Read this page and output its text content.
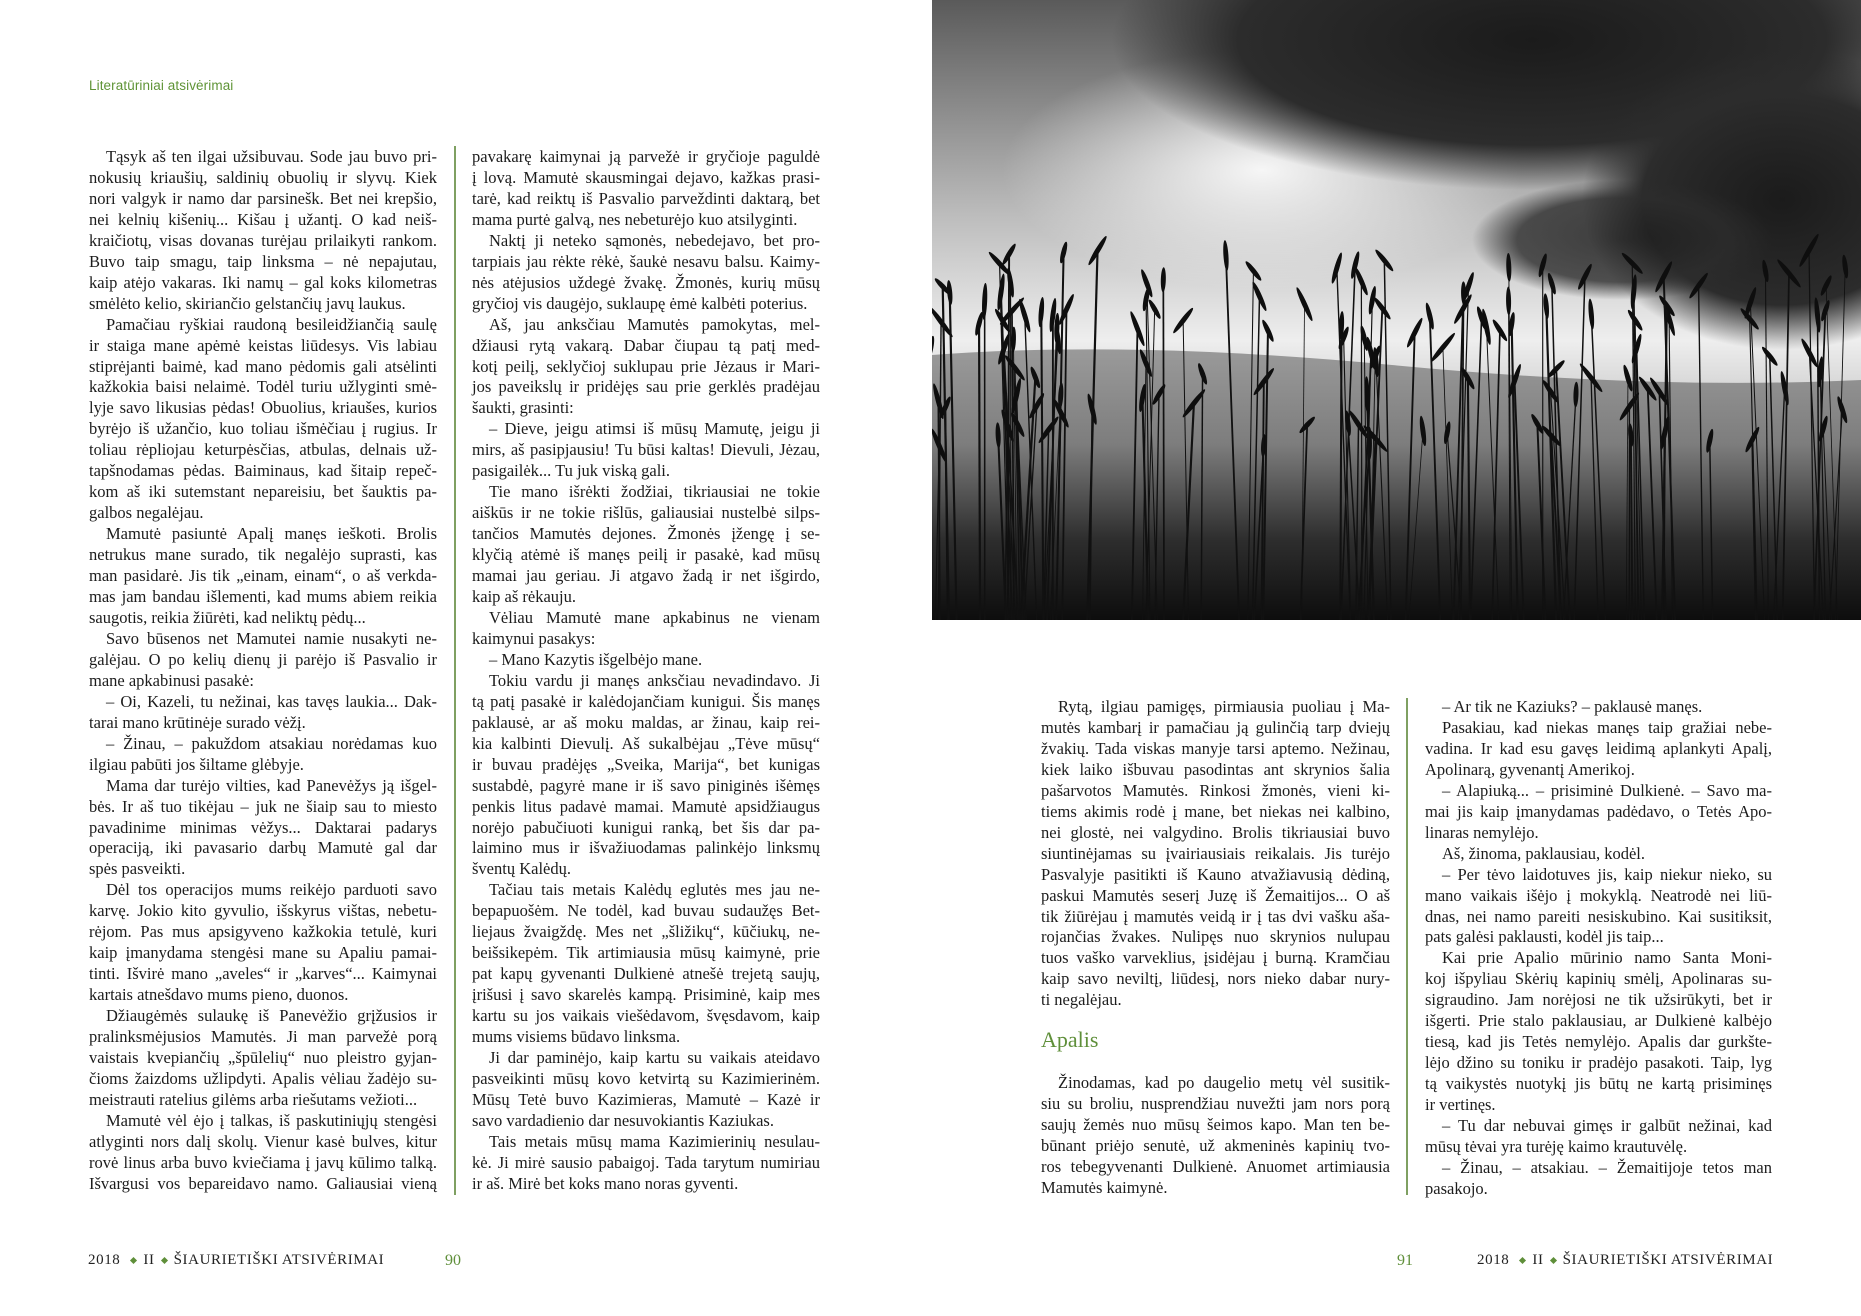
Literatūriniai atsivėrimai
Tąsyk aš ten ilgai užsibuvau. Sode jau buvo pri-
nokusių kriaušių, saldinių obuolių ir slyvų. Kiek
nori valgyk ir namo dar parsinešk. Bet nei krepšio,
nei kelnių kišenių... Kišau į užantį. O kad neiš-
kraičiotų, visas dovanas turėjau prilaikyti rankom.
Buvo taip smagu, taip linksma – nė nepajutau,
kaip atėjo vakaras. Iki namų – gal koks kilometras
smėlėto kelio, skiriančio gelstančių javų laukus.
Pamačiau ryškiai raudoną besileidžiančią saulę
ir staiga mane apėmė keistas liūdesys. Vis labiau
stiprėjanti baimė, kad mano pėdomis gali atsėlinti
kažkokia baisi nelaimė. Todėl turiu užlyginti smė-
lyje savo likusias pėdas! Obuolius, kriaušes, kurios
byrėjo iš užančio, kuo toliau išmėčiau į rugius. Ir
toliau rėpliojau keturpėsčias, atbulas, delnais už-
tapšnodamas pėdas. Baiminaus, kad šitaip repeč-
kom aš iki sutemstant nepareisiu, bet šauktis pa-
galbos negalėjau.
Mamutė pasiuntė Apalį manęs ieškoti. Brolis
netrukus mane surado, tik negalėjo suprasti, kas
man pasidarė. Jis tik „einam, einam“, o aš verkda-
mas jam bandau išlementi, kad mums abiem reikia
saugotis, reikia žiūrėti, kad neliktų pėdų...
Savo būsenos net Mamutei namie nusakyti ne-
galėjau. O po kelių dienų ji parėjo iš Pasvalio ir
mane apkabinusi pasakė:
– Oi, Kazeli, tu nežinai, kas tavęs laukia... Dak-
tarai mano krūtinėje surado vėžį.
– Žinau, – pakuždom atsakiau norėdamas kuo
ilgiau pabūti jos šiltame glėbyje.
Mama dar turėjo vilties, kad Panevėžys ją išgel-
bės. Ir aš tuo tikėjau – juk ne šiaip sau to miesto
pavadinime minimas vėžys... Daktarai padarys
operaciją, iki pavasario darbų Mamutė gal dar
spės pasveikti.
Dėl tos operacijos mums reikėjo parduoti savo
karvę. Jokio kito gyvulio, išskyrus vištas, nebetu-
rėjom. Pas mus apsigyveno kažkokia tetulė, kuri
kaip įmanydama stengėsi mane su Apaliu pamai-
tinti. Išvirė mano „aveles“ ir „karves“... Kaimynai
kartais atnešdavo mums pieno, duonos.
Džiaugėmės sulaukę iš Panevėžio grįžusios ir
pralinksmėjusios Mamutės. Ji man parvežė porą
vaistais kvepiančių „špūlelių“ nuo pleistro gyjan-
čioms žaizdoms užlipdyti. Apalis vėliau žadėjo su-
meistrauti ratelius gilėms arba riešutams vežioti...
Mamutė vėl ėjo į talkas, iš paskutiniųjų stengėsi
atlyginti nors dalį skolų. Vienur kasė bulves, kitur
rovė linus arba buvo kviečiama į javų kūlimo talką.
Išvargusi vos bepareidavo namo. Galiausiai vieną
pavakarę kaimynai ją parvežė ir gryčioje paguldė
į lovą. Mamutė skausmingai dejavo, kažkas prasi-
tarė, kad reiktų iš Pasvalio parveždinti daktarą, bet
mama purtė galvą, nes nebeturėjo kuo atsilyginti.
Naktį ji neteko sąmonės, nebedejavo, bet pro-
tarpiais jau rėkte rėkė, šaukė nesavu balsu. Kaimy-
nės atėjusios uždegė žvakę. Žmonės, kurių mūsų
gryčioj vis daugėjo, suklaupę ėmė kalbėti poterius.
Aš, jau anksčiau Mamutės pamokytas, mel-
džiausi rytą vakarą. Dabar čiupau tą patį med-
kotį peilį, seklyčioj suklupau prie Jėzaus ir Mari-
jos paveikslų ir pridėjęs sau prie gerklės pradėjau
šaukti, grasinti:
– Dieve, jeigu atimsi iš mūsų Mamutę, jeigu ji
mirs, aš pasipjausiu! Tu būsi kaltas! Dievuli, Jėzau,
pasigailėk... Tu juk viską gali.
Tie mano išrėkti žodžiai, tikriausiai ne tokie
aiškūs ir ne tokie rišlūs, galiausiai nustelbė silps-
tančios Mamutės dejones. Žmonės įžengę į se-
klyčią atėmė iš manęs peilį ir pasakė, kad mūsų
mamai jau geriau. Ji atgavo žadą ir net išgirdo,
kaip aš rėkauju.
Vėliau Mamutė mane apkabinus ne vienam
kaimynui pasakys:
– Mano Kazytis išgelbėjo mane.
Tokiu vardu ji manęs anksčiau nevadindavo. Ji
tą patį pasakė ir kalėdojančiam kunigui. Šis manęs
paklausė, ar aš moku maldas, ar žinau, kaip rei-
kia kalbinti Dievulį. Aš sukalbėjau „Tėve mūsų“
ir buvau pradėjęs „Sveika, Marija“, bet kunigas
sustabdė, pagyrė mane ir iš savo piniginės išėmęs
penkis litus padavė mamai. Mamutė apsidžiaugus
norėjo pabučiuoti kunigui ranką, bet šis dar pa-
laimino mus ir išvažiuodamas palinkėjo linksmų
šventų Kalėdų.
Tačiau tais metais Kalėdų eglutės mes jau ne-
bepapuošėm. Ne todėl, kad buvau sudaužęs Bet-
liejaus žvaigždę. Mes net „šližikų“, kūčiukų, ne-
beišsikepėm. Tik artimiausia mūsų kaimynė, prie
pat kapų gyvenanti Dulkienė atnešė trejetą saujų,
įrišusi į savo skarelės kampą. Prisiminė, kaip mes
kartu su jos vaikais viešėdavom, švęsdavom, kaip
mums visiems būdavo linksma.
Ji dar paminėjo, kaip kartu su vaikais ateidavo
pasveikinti mūsų kovo ketvirtą su Kazimierinėm.
Mūsų Tetė buvo Kazimieras, Mamutė – Kazė ir
savo vardadienio dar nesuvokiantis Kaziukas.
Tais metais mūsų mama Kazimierinių nesulau-
kė. Ji mirė sausio pabaigoj. Tada tarytum numiriau
ir aš. Mirė bet koks mano noras gyventi.
Rytą, ilgiau pamigęs, pirmiausia puoliau į Ma-
mutės kambarį ir pamačiau ją gulinčią tarp dviejų
žvakių. Tada viskas manyje tarsi aptemo. Nežinau,
kiek laiko išbuvau pasodintas ant skrynios šalia
pašarvotos Mamutės. Rinkosi žmonės, vieni ki-
tiems akimis rodė į mane, bet niekas nei kalbino,
nei glostė, nei valgydino. Brolis tikriausiai buvo
siuntinėjamas su įvairiausiais reikalais. Jis turėjo
Pasvalyje pasitikti iš Kauno atvažiavusią dėdiną,
paskui Mamutės seserį Juzę iš Žemaitijos... O aš
tik žiūrėjau į mamutės veidą ir į tas dvi vašku aša-
rojančias žvakes. Nulipęs nuo skrynios nulupau
tuos vaško varveklius, įsidėjau į burną. Kramčiau
kaip savo neviltį, liūdesį, nors nieko dabar nury-
ti negalėjau.
Apalis
Žinodamas, kad po daugelio metų vėl susitik-
siu su broliu, nusprendžiau nuvežti jam nors porą
saujų žemės nuo mūsų šeimos kapo. Man ten be-
būnant priėjo senutė, už akmeninės kapinių tvo-
ros tebegyvenanti Dulkienė. Anuomet artimiausia
Mamutės kaimynė.
– Ar tik ne Kaziuks? – paklausė manęs.
Pasakiau, kad niekas manęs taip gražiai nebe-
vadina. Ir kad esu gavęs leidimą aplankyti Apalį,
Apolinarą, gyvenantį Amerikoj.
– Alapiuką... – prisiminė Dulkienė. – Savo ma-
mai jis kaip įmanydamas padėdavo, o Tetės Apo-
linaras nemylėjo.
Aš, žinoma, paklausiau, kodėl.
– Per tėvo laidotuves jis, kaip niekur nieko, su
mano vaikais išėjo į mokyklą. Neatrodė nei liū-
dnas, nei namo pareiti nesiskubino. Kai susitiksit,
pats galėsi paklausti, kodėl jis taip...
Kai prie Apalio mūrinio namo Santa Moni-
koj išpyliau Skėrių kapinių smėlį, Apolinaras su-
sigraudino. Jam norėjosi ne tik užsirūkyti, bet ir
išgerti. Prie stalo paklausiau, ar Dulkienė kalbėjo
tiesą, kad jis Tetės nemylėjo. Apalis dar gurkšte-
lėjo džino su toniku ir pradėjo pasakoti. Taip, lyg
tą vaikystės nuotykį jis būtų ne kartą prisiminęs
ir vertinęs.
– Tu dar nebuvai gimęs ir galbūt nežinai, kad
mūsų tėvai yra turėję kaimo krautuvėlę.
– Žinau, – atsakiau. – Žemaitijoje tetos man
pasakojo.
2018 II ŠIAURIETIŠKI ATSIVĖRIMAI	90	91	2018 II ŠIAURIETIŠKI ATSIVĖRIMAI
